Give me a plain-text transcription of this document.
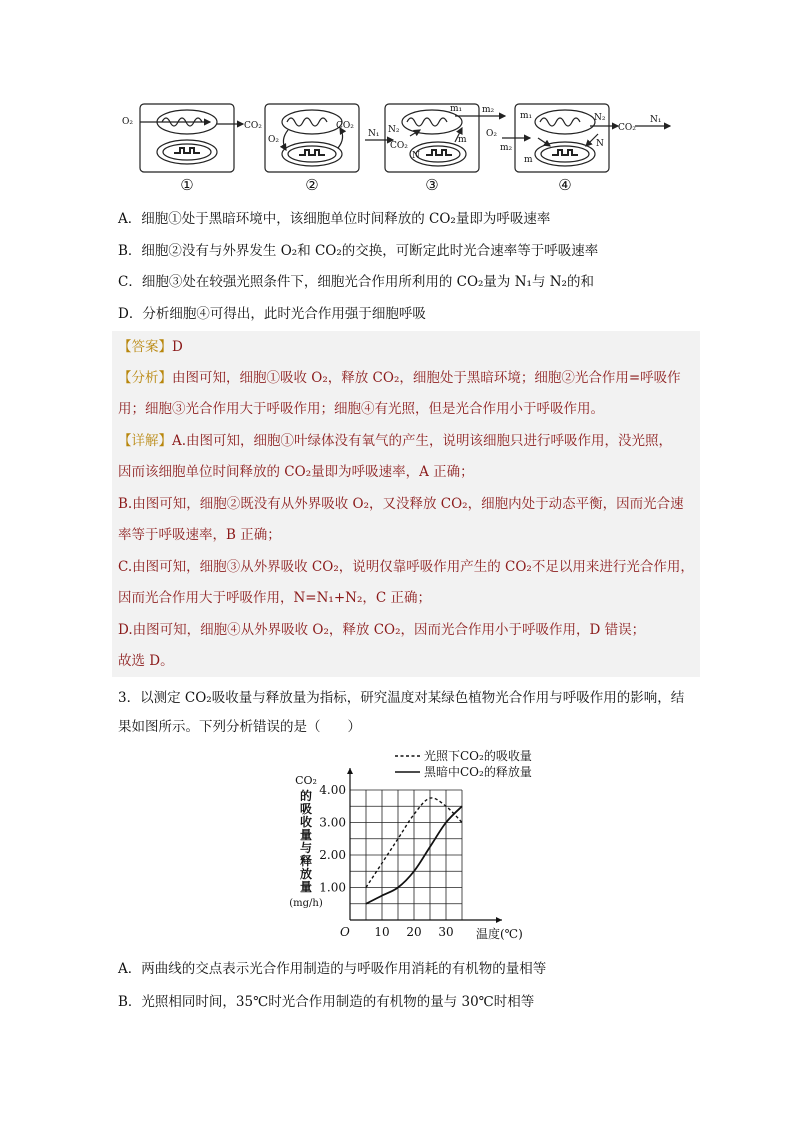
O₂	CO₂
O₂
CO₂
N₁ N₂
CO₂
m₁
m
m₂
N
m₁	N₂
O₂
m₂
CO₂
N₁
m
N
①	②	③	④
A．细胞①处于黑暗环境中，该细胞单位时间释放的 CO₂量即为呼吸速率
B．细胞②没有与外界发生 O₂和 CO₂的交换，可断定此时光合速率等于呼吸速率
C．细胞③处在较强光照条件下，细胞光合作用所利用的 CO₂量为 N₁与 N₂的和
D．分析细胞④可得出，此时光合作用强于细胞呼吸
【答案】D
【分析】由图可知，细胞①吸收 O₂，释放 CO₂，细胞处于黑暗环境；细胞②光合作用=呼吸作
用；细胞③光合作用大于呼吸作用；细胞④有光照，但是光合作用小于呼吸作用。
【详解】A.由图可知，细胞①叶绿体没有氧气的产生，说明该细胞只进行呼吸作用，没光照，
因而该细胞单位时间释放的 CO₂量即为呼吸速率，A 正确；
B.由图可知，细胞②既没有从外界吸收 O₂，又没释放 CO₂，细胞内处于动态平衡，因而光合速
率等于呼吸速率，B 正确；
C.由图可知，细胞③从外界吸收 CO₂，说明仅靠呼吸作用产生的 CO₂不足以用来进行光合作用，
因而光合作用大于呼吸作用，N=N₁+N₂，C 正确；
D.由图可知，细胞④从外界吸收 O₂，释放 CO₂，因而光合作用小于呼吸作用，D 错误；
故选 D。
3．以测定 CO₂吸收量与释放量为指标，研究温度对某绿色植物光合作用与呼吸作用的影响，结
果如图所示。下列分析错误的是（　　）
1.00
2.00
3.00
4.00
10 20 30
O	温度(℃)
CO₂
的
吸
收
量
与
释
放
量
(mg/h)
光照下CO₂的吸收量
黑暗中CO₂的释放量
A．两曲线的交点表示光合作用制造的与呼吸作用消耗的有机物的量相等
B．光照相同时间，35℃时光合作用制造的有机物的量与 30℃时相等
